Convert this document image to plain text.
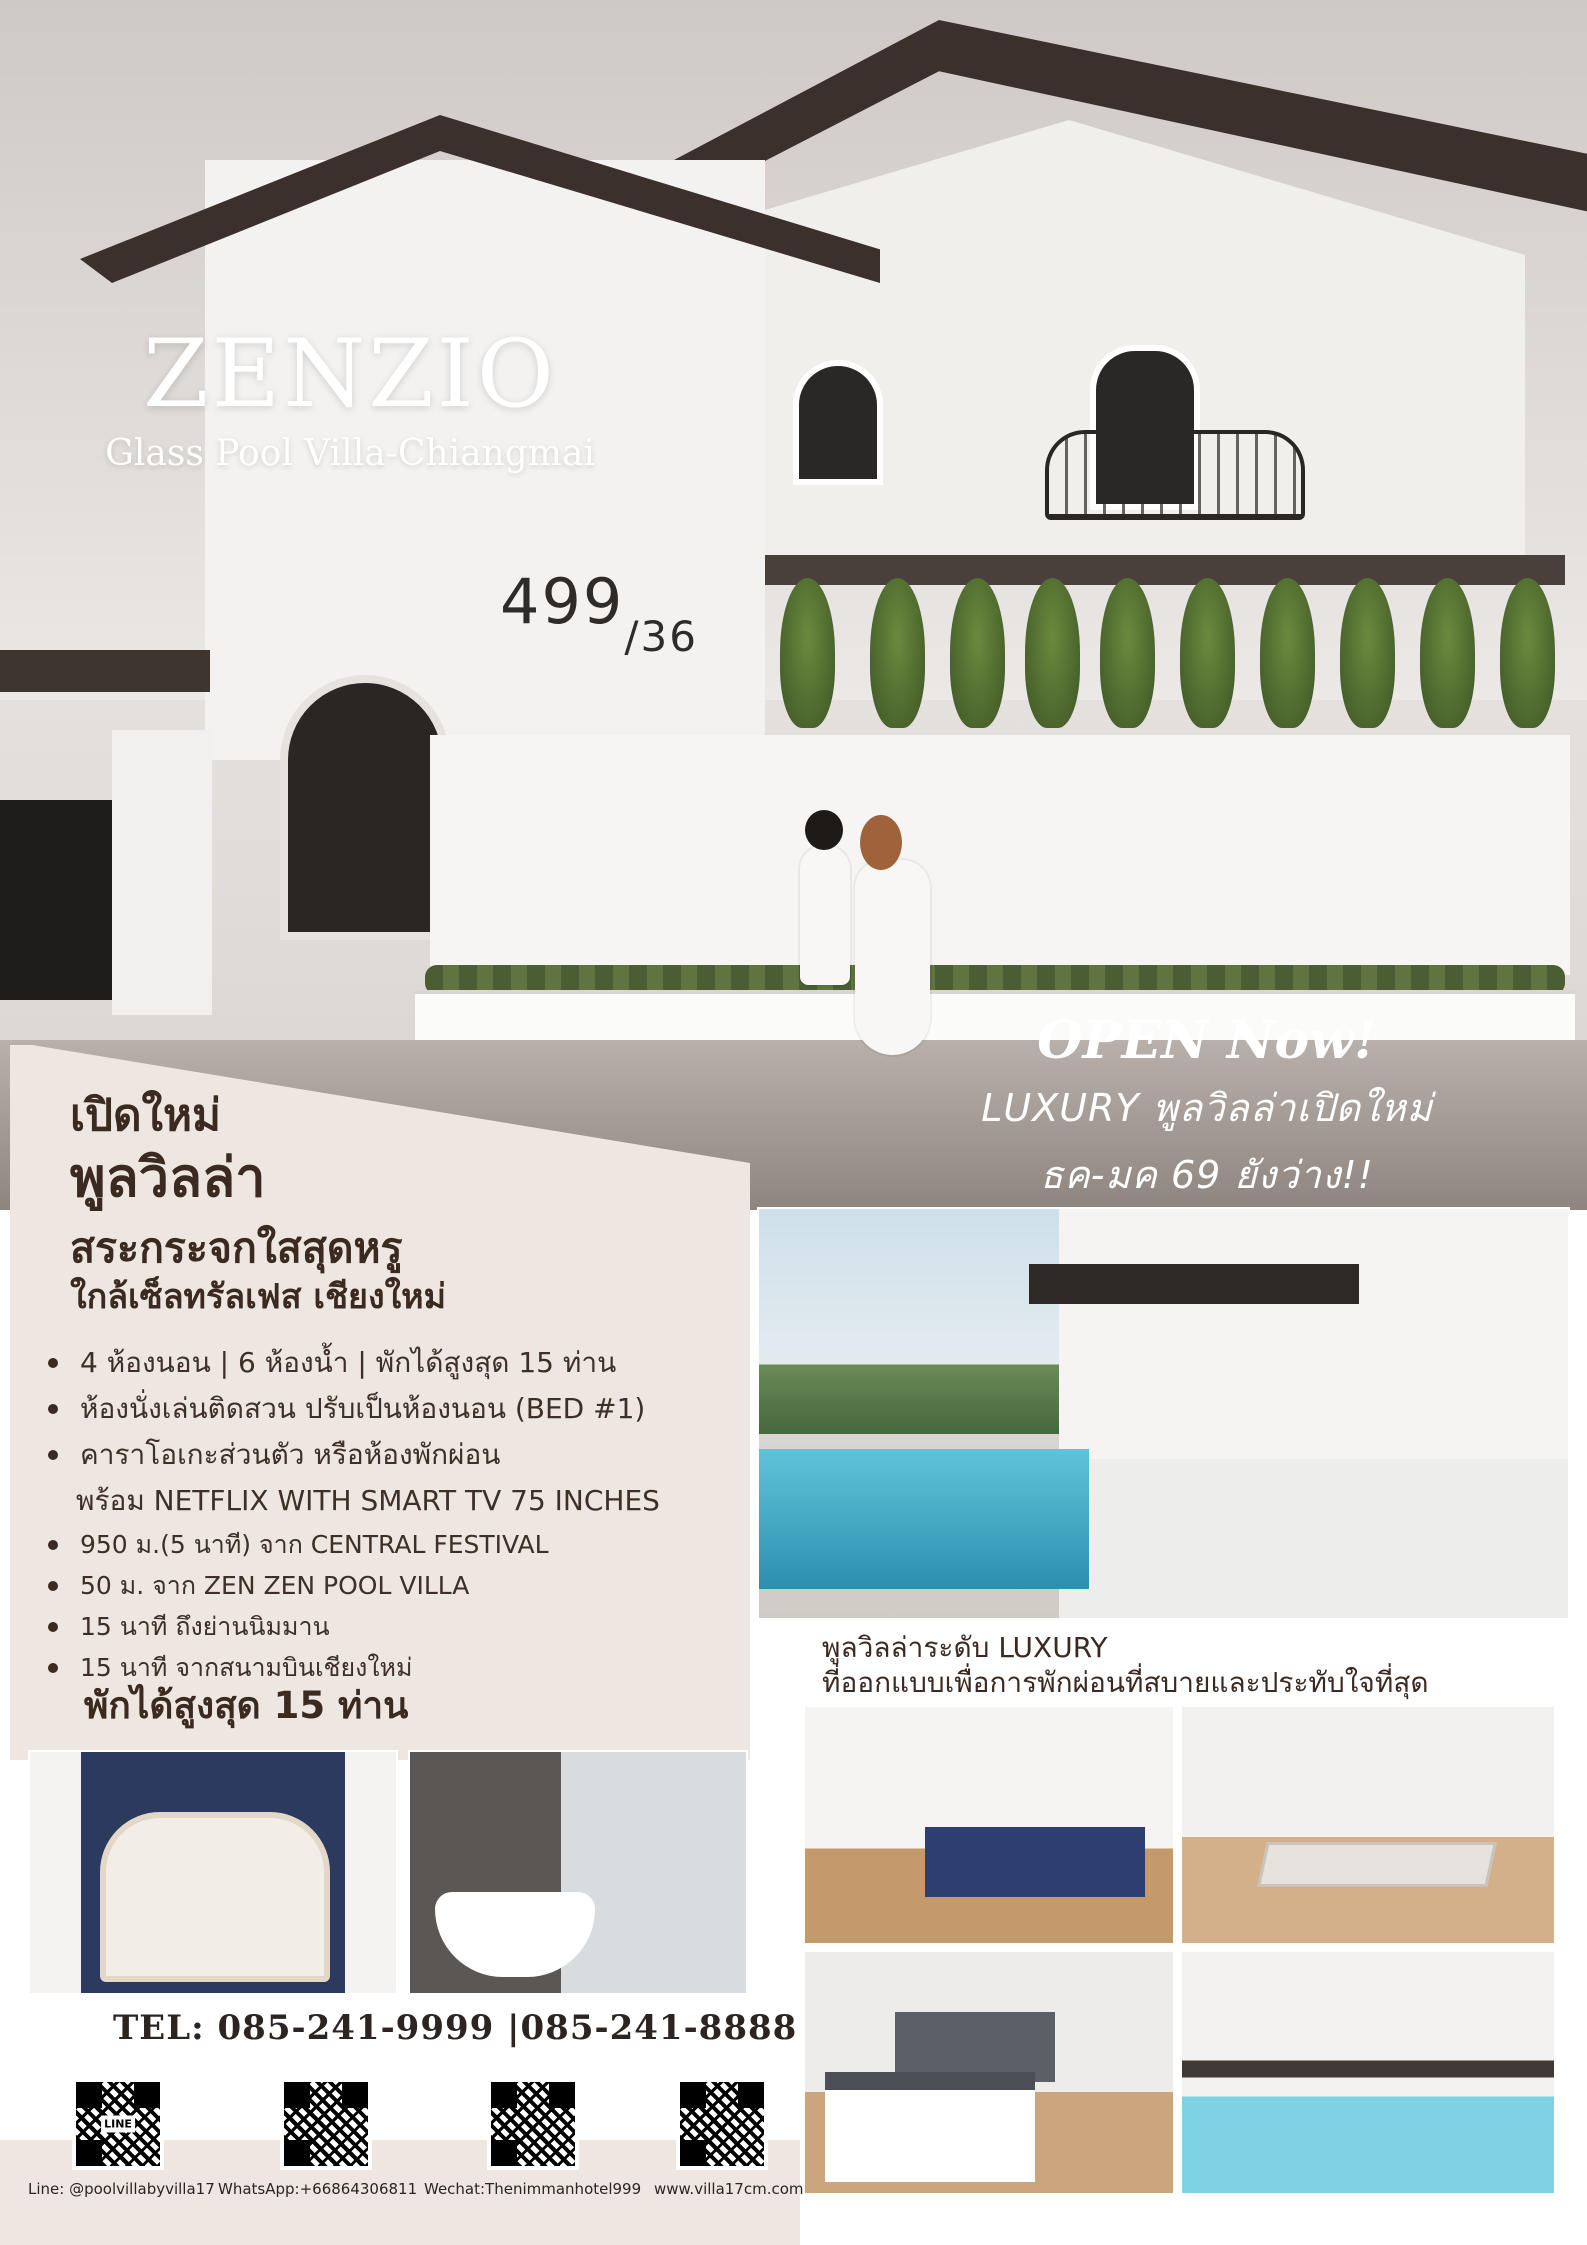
$499_{/36}$
ZENZIO
Glass Pool Villa-Chiangmai
OPEN Now!
LUXURY พูลวิลล่าเปิดใหม่
ธค-มค 69 ยังว่าง!!
เปิดใหม่
พูลวิลล่า
สระกระจกใสสุดหรู
ใกล้เซ็ลทรัลเฟส เชียงใหม่
4 ห้องนอน | 6 ห้องน้ำ | พักได้สูงสุด 15 ท่าน
ห้องนั่งเล่นติดสวน ปรับเป็นห้องนอน (BED #1)
คาราโอเกะส่วนตัว หรือห้องพักผ่อน
พร้อม NETFLIX WITH SMART TV 75 INCHES
950 ม.(5 นาที) จาก CENTRAL FESTIVAL
50 ม. จาก ZEN ZEN POOL VILLA
15 นาที ถึงย่านนิมมาน
15 นาที จากสนามบินเชียงใหม่
พักได้สูงสุด 15 ท่าน
พูลวิลล่าระดับ LUXURY
ที่ออกแบบเพื่อการพักผ่อนที่สบายและประทับใจที่สุด
TEL: 085-241-9999 |085-241-8888
LINE
Line: @poolvillabyvilla17 WhatsApp:+66864306811 Wechat:Thenimmanhotel999 www.villa17cm.com
